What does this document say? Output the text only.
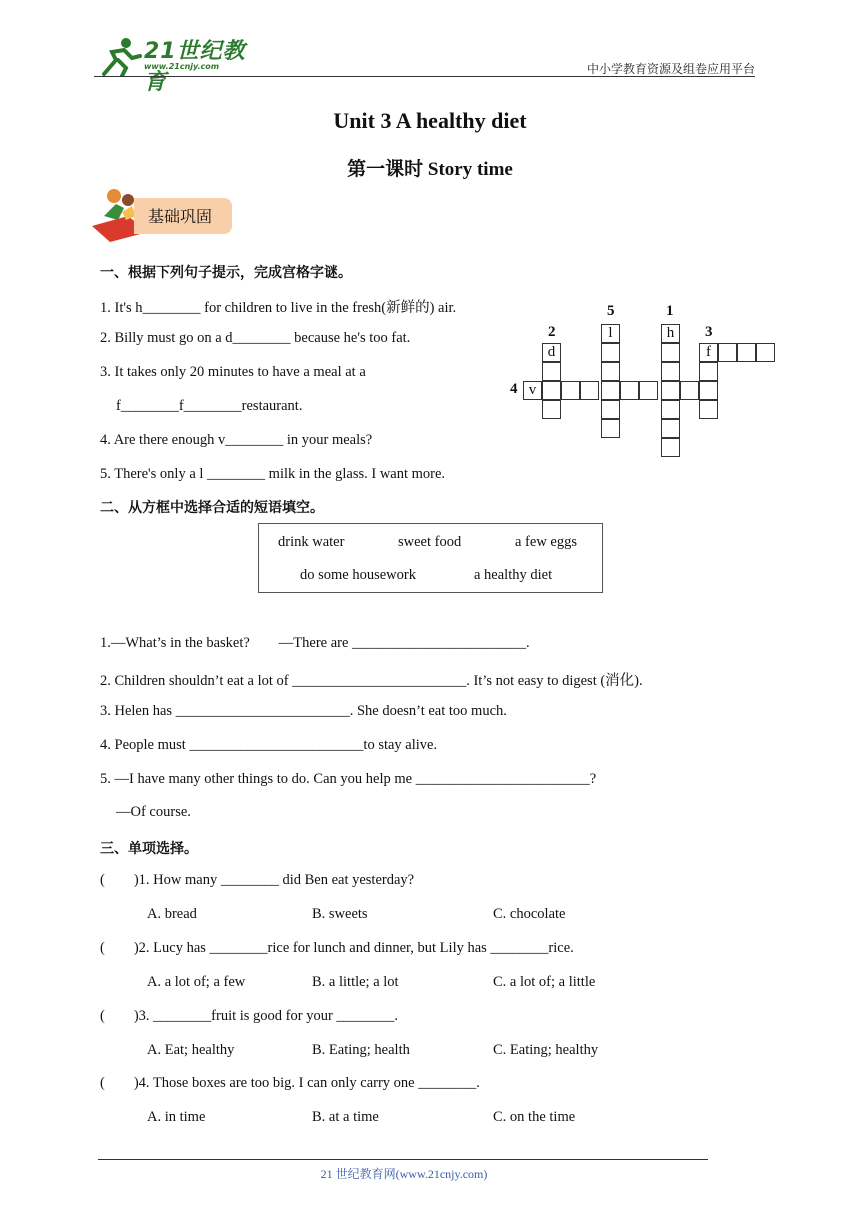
21世纪教育
www.21cnjy.com	中小学教育资源及组卷应用平台
Unit 3 A healthy diet
第一课时 Story time
基础巩固
一、根据下列句子提示，完成宫格字谜。
1. It's h________ for children to live in the fresh(新鲜的) air.
2. Billy must go on a d________ because he's too fat.
3. It takes only 20 minutes to have a meal at a
f________f________restaurant.
4. Are there enough v________ in your meals?
5. There's only a l ________ milk in the glass. I want more.
5	1
2	3
4
l	h
d	f
v
二、从方框中选择合适的短语填空。
drink water	sweet food	a few eggs
do some housework	a healthy diet
1.—What’s in the basket?        —There are ________________________.
2. Children shouldn’t eat a lot of ________________________. It’s not easy to digest (消化).
3. Helen has ________________________. She doesn’t eat too much.
4. People must ________________________to stay alive.
5. —I have many other things to do. Can you help me ________________________?
—Of course.
三、单项选择。
(        )1. How many ________ did Ben eat yesterday?
A. bread	B. sweets	C. chocolate
(        )2. Lucy has ________rice for lunch and dinner, but Lily has ________rice.
A. a lot of; a few	B. a little; a lot	C. a lot of; a little
(        )3. ________fruit is good for your ________.
A. Eat; healthy	B. Eating; health	C. Eating; healthy
(        )4. Those boxes are too big. I can only carry one ________.
A. in time	B. at a time	C. on the time
21 世纪教育网(www.21cnjy.com)
